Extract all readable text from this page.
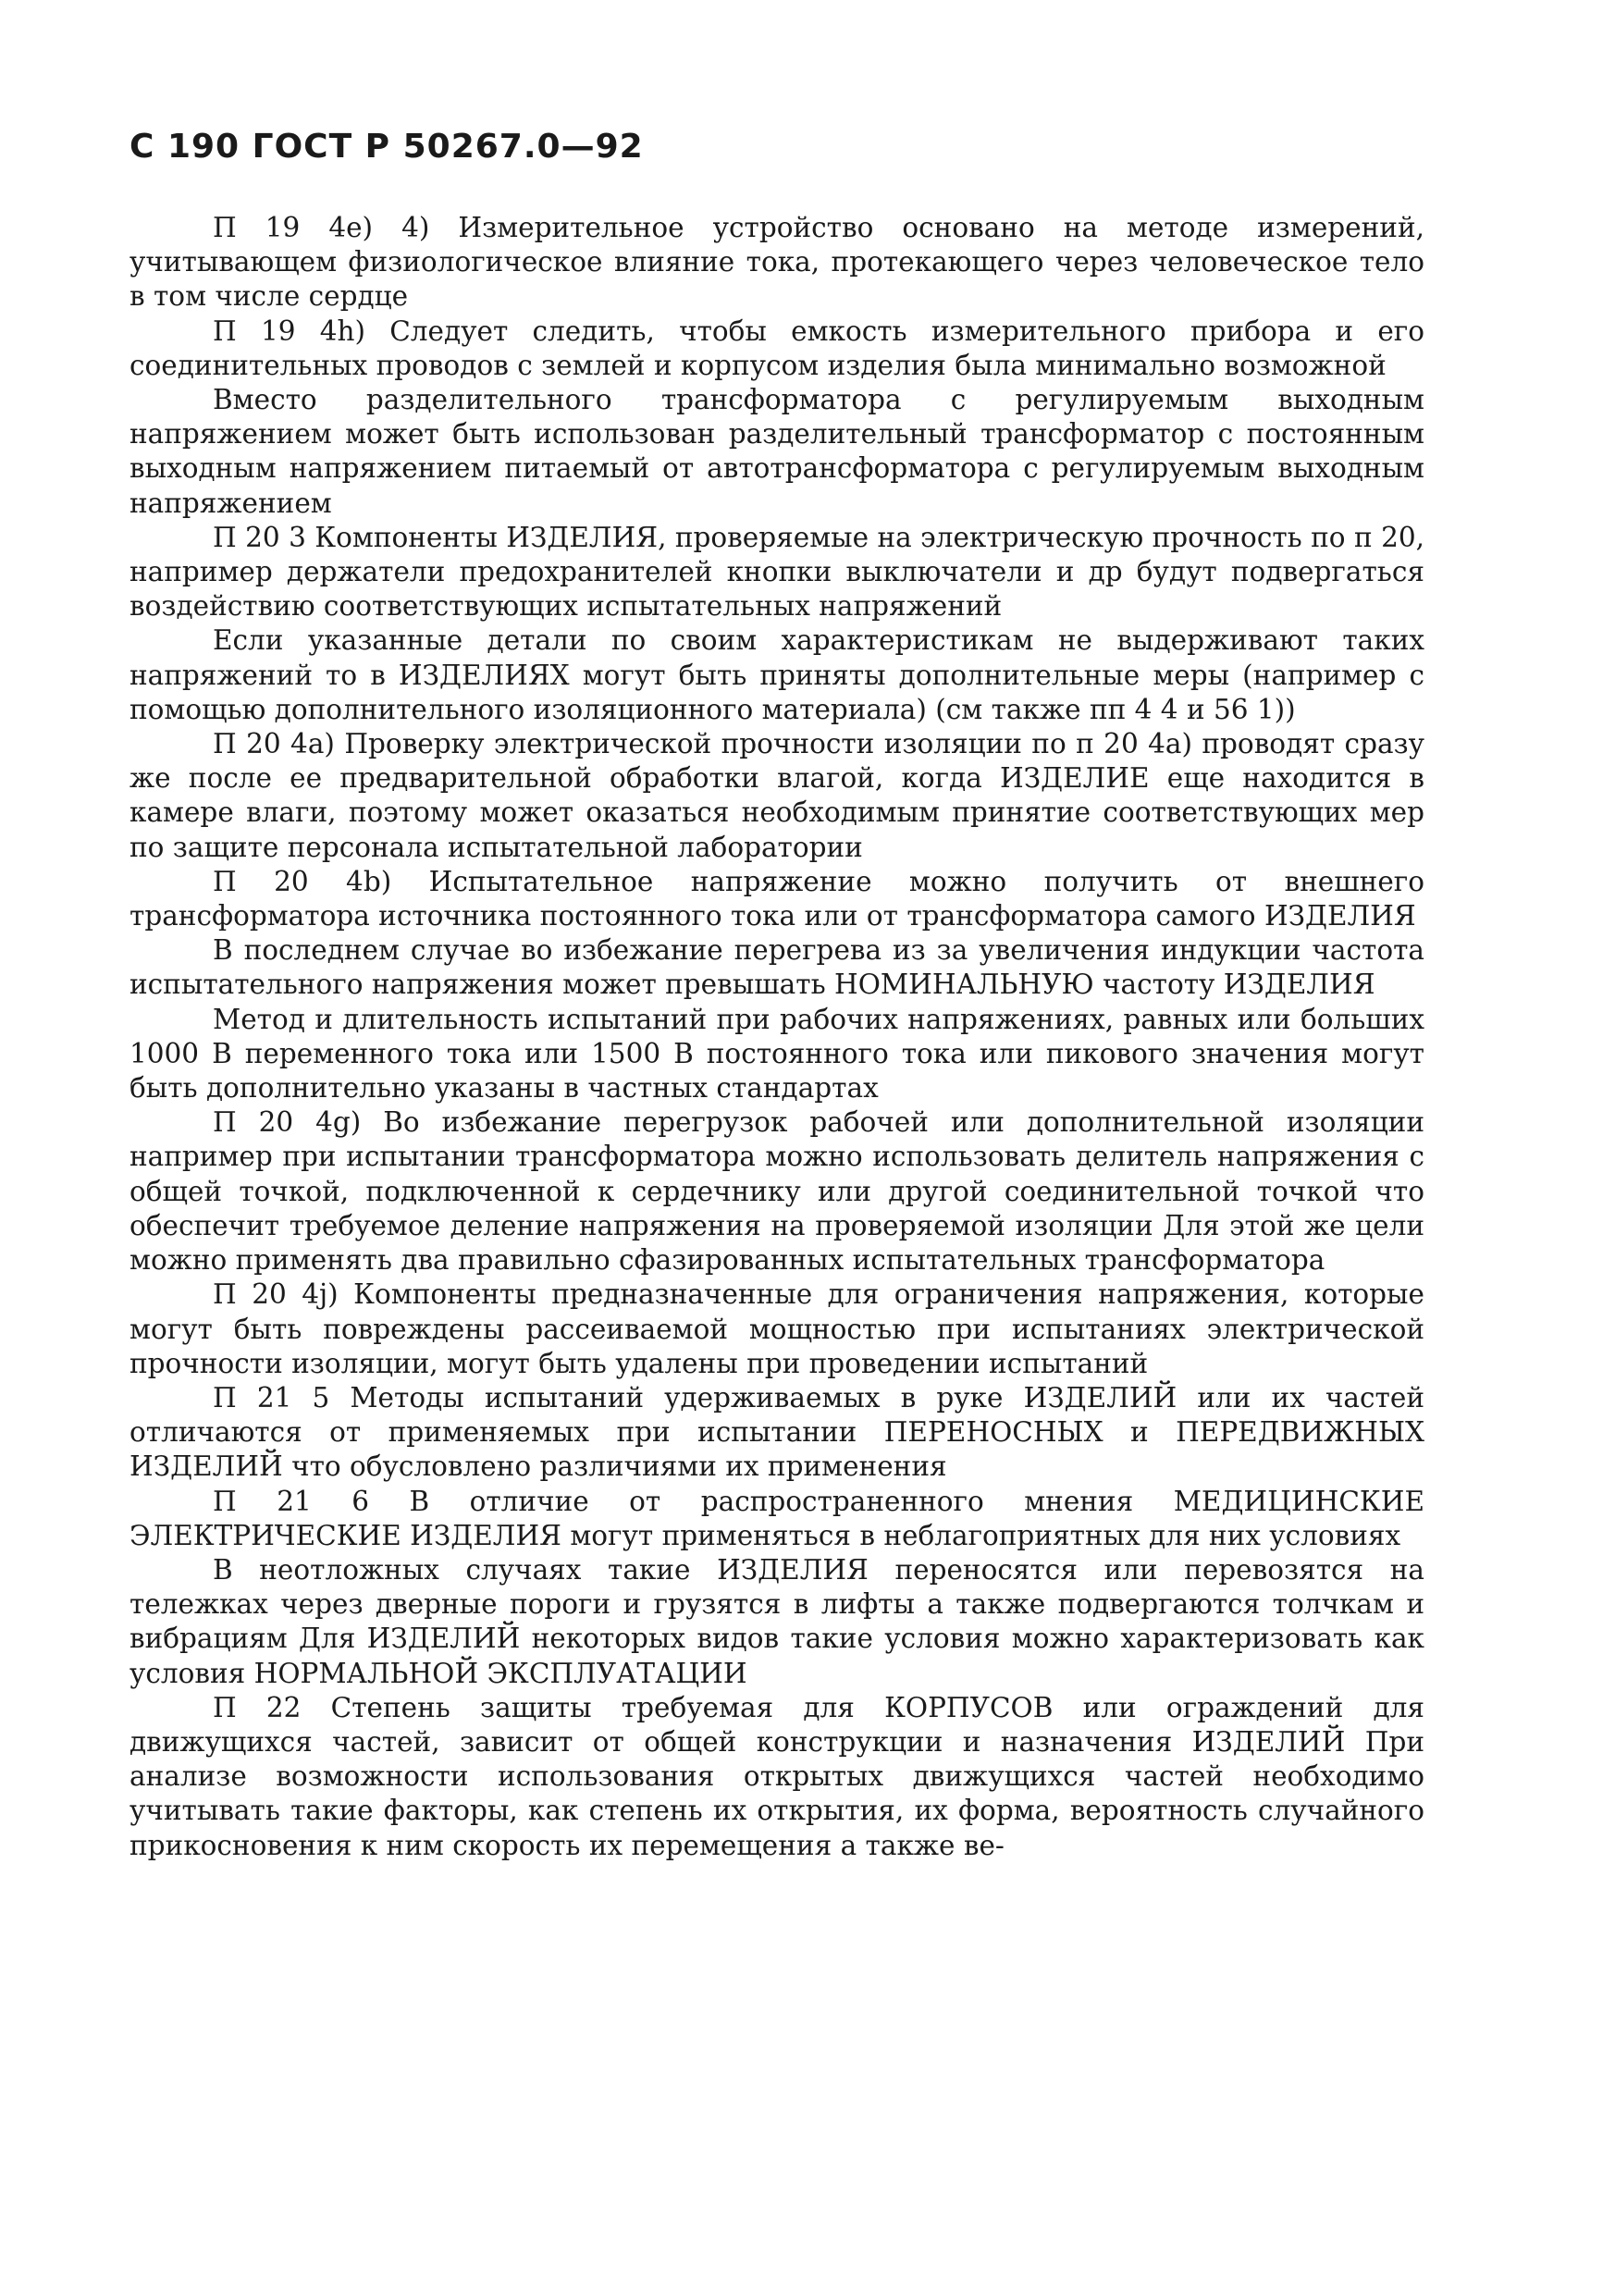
С 190 ГОСТ Р 50267.0—92

П 19 4е) 4) Измерительное устройство основано на методе измерений, учитывающем физиологическое влияние тока, протекающего через человеческое тело в том числе сердце

П 19 4h) Следует следить, чтобы емкость измерительного прибора и его соединительных проводов с землей и корпусом изделия была минимально возможной

Вместо разделительного трансформатора с регулируемым выходным напряжением может быть использован разделительный трансформатор с постоянным выходным напряжением питаемый от автотрансформатора с регулируемым выходным напряжением

П 20 3 Компоненты ИЗДЕЛИЯ, проверяемые на электрическую прочность по п 20, например держатели предохранителей кнопки выключатели и др будут подвергаться воздействию соответствующих испытательных напряжений

Если указанные детали по своим характеристикам не выдерживают таких напряжений то в ИЗДЕЛИЯХ могут быть приняты дополнительные меры (например с помощью дополнительного изоляционного материала) (см также пп 4 4 и 56 1))

П 20 4а) Проверку электрической прочности изоляции по п 20 4а) проводят сразу же после ее предварительной обработки влагой, когда ИЗДЕЛИЕ еще находится в камере влаги, поэтому может оказаться необходимым принятие соответствующих мер по защите персонала испытательной лаборатории

П 20 4b) Испытательное напряжение можно получить от внешнего трансформатора источника постоянного тока или от трансформатора самого ИЗДЕЛИЯ

В последнем случае во избежание перегрева из за увеличения индукции частота испытательного напряжения может превышать НОМИНАЛЬНУЮ частоту ИЗДЕЛИЯ

Метод и длительность испытаний при рабочих напряжениях, равных или больших 1000 В переменного тока или 1500 В постоянного тока или пикового значения могут быть дополнительно указаны в частных стандартах

П 20 4g) Во избежание перегрузок рабочей или дополнительной изоляции например при испытании трансформатора можно использовать делитель напряжения с общей точкой, подключенной к сердечнику или другой соединительной точкой что обеспечит требуемое деление напряжения на проверяемой изоляции Для этой же цели можно применять два правильно сфазированных испытательных трансформатора

П 20 4j) Компоненты предназначенные для ограничения напряжения, которые могут быть повреждены рассеиваемой мощностью при испытаниях электрической прочности изоляции, могут быть удалены при проведении испытаний

П 21 5 Методы испытаний удерживаемых в руке ИЗДЕЛИЙ или их частей отличаются от применяемых при испытании ПЕРЕНОСНЫХ и ПЕРЕДВИЖНЫХ ИЗДЕЛИЙ что обусловлено различиями их применения

П 21 6 В отличие от распространенного мнения МЕДИЦИНСКИЕ ЭЛЕКТРИЧЕСКИЕ ИЗДЕЛИЯ могут применяться в неблагоприятных для них условиях

В неотложных случаях такие ИЗДЕЛИЯ переносятся или перевозятся на тележках через дверные пороги и грузятся в лифты а также подвергаются толчкам и вибрациям Для ИЗДЕЛИЙ некоторых видов такие условия можно характеризовать как условия НОРМАЛЬНОЙ ЭКСПЛУАТАЦИИ

П 22 Степень защиты требуемая для КОРПУСОВ или ограждений для движущихся частей, зависит от общей конструкции и назначения ИЗДЕЛИЙ При анализе возможности использования открытых движущихся частей необходимо учитывать такие факторы, как степень их открытия, их форма, вероятность случайного прикосновения к ним скорость их перемещения а также ве-
